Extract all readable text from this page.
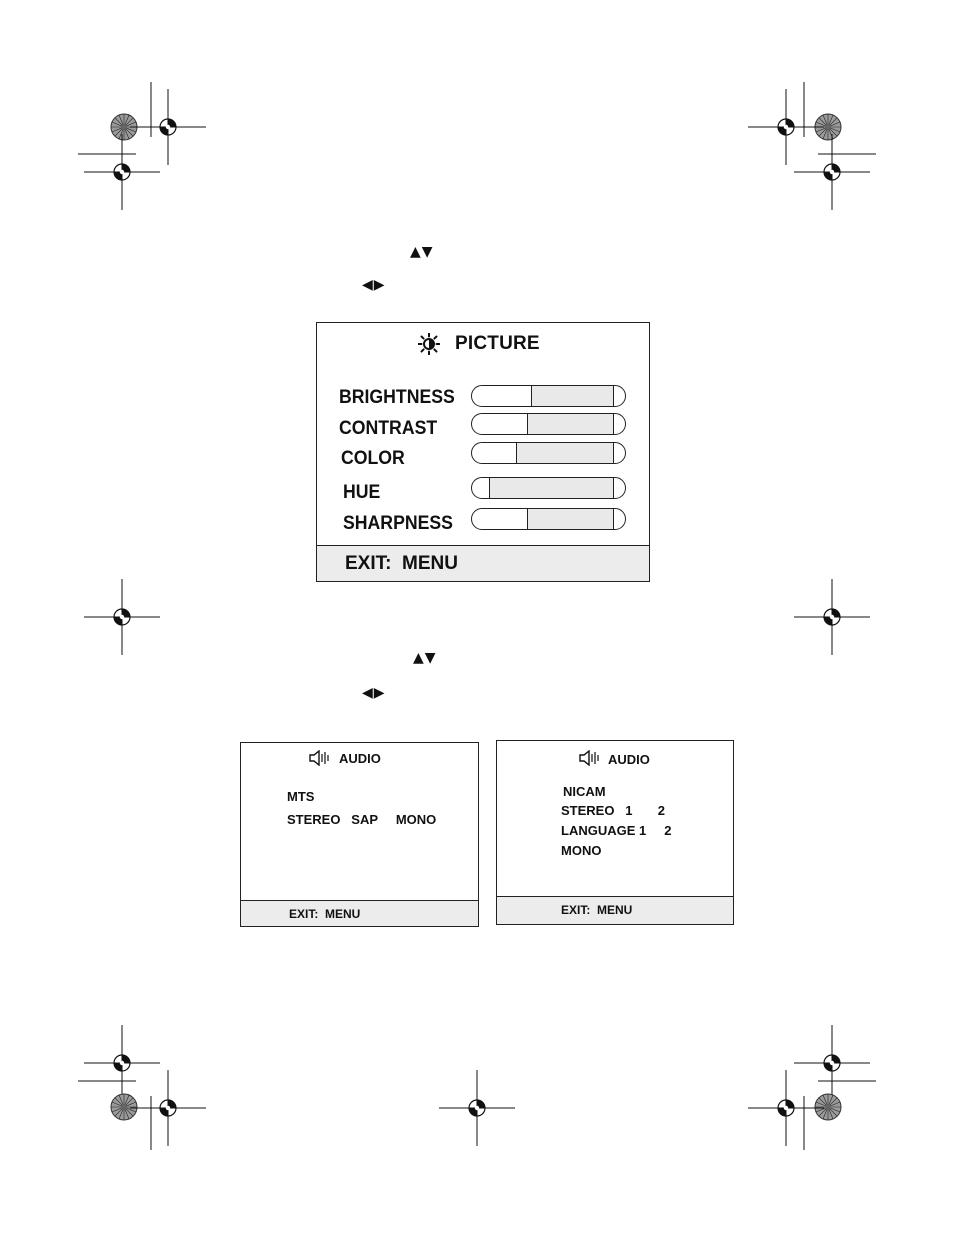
▲▼
◀▶
▲▼
◀▶
PICTURE
BRIGHTNESS
CONTRAST
COLOR
HUE
SHARPNESS
EXIT:  MENU
AUDIO
MTS
STEREO   SAP     MONO
EXIT:  MENU
AUDIO
NICAM
STEREO   1       2
LANGUAGE 1     2
MONO
EXIT:  MENU
